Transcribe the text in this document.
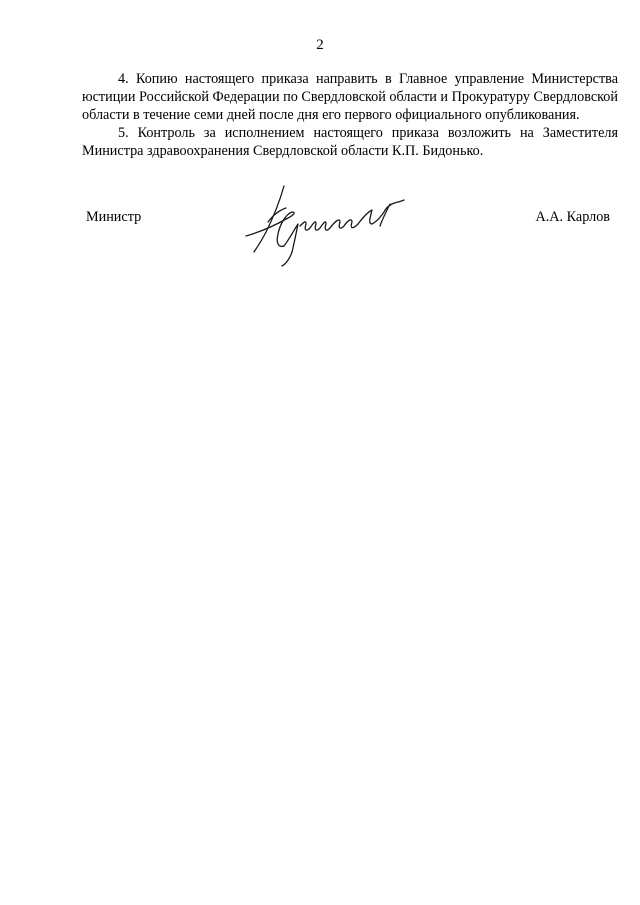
2

4. Копию настоящего приказа направить в Главное управление Министерства юстиции Российской Федерации по Свердловской области и Прокуратуру Свердловской области в течение семи дней после дня его первого официального опубликования.

5. Контроль за исполнением настоящего приказа возложить на Заместителя Министра здравоохранения Свердловской области К.П. Бидонько.

Министр	А.А. Карлов
